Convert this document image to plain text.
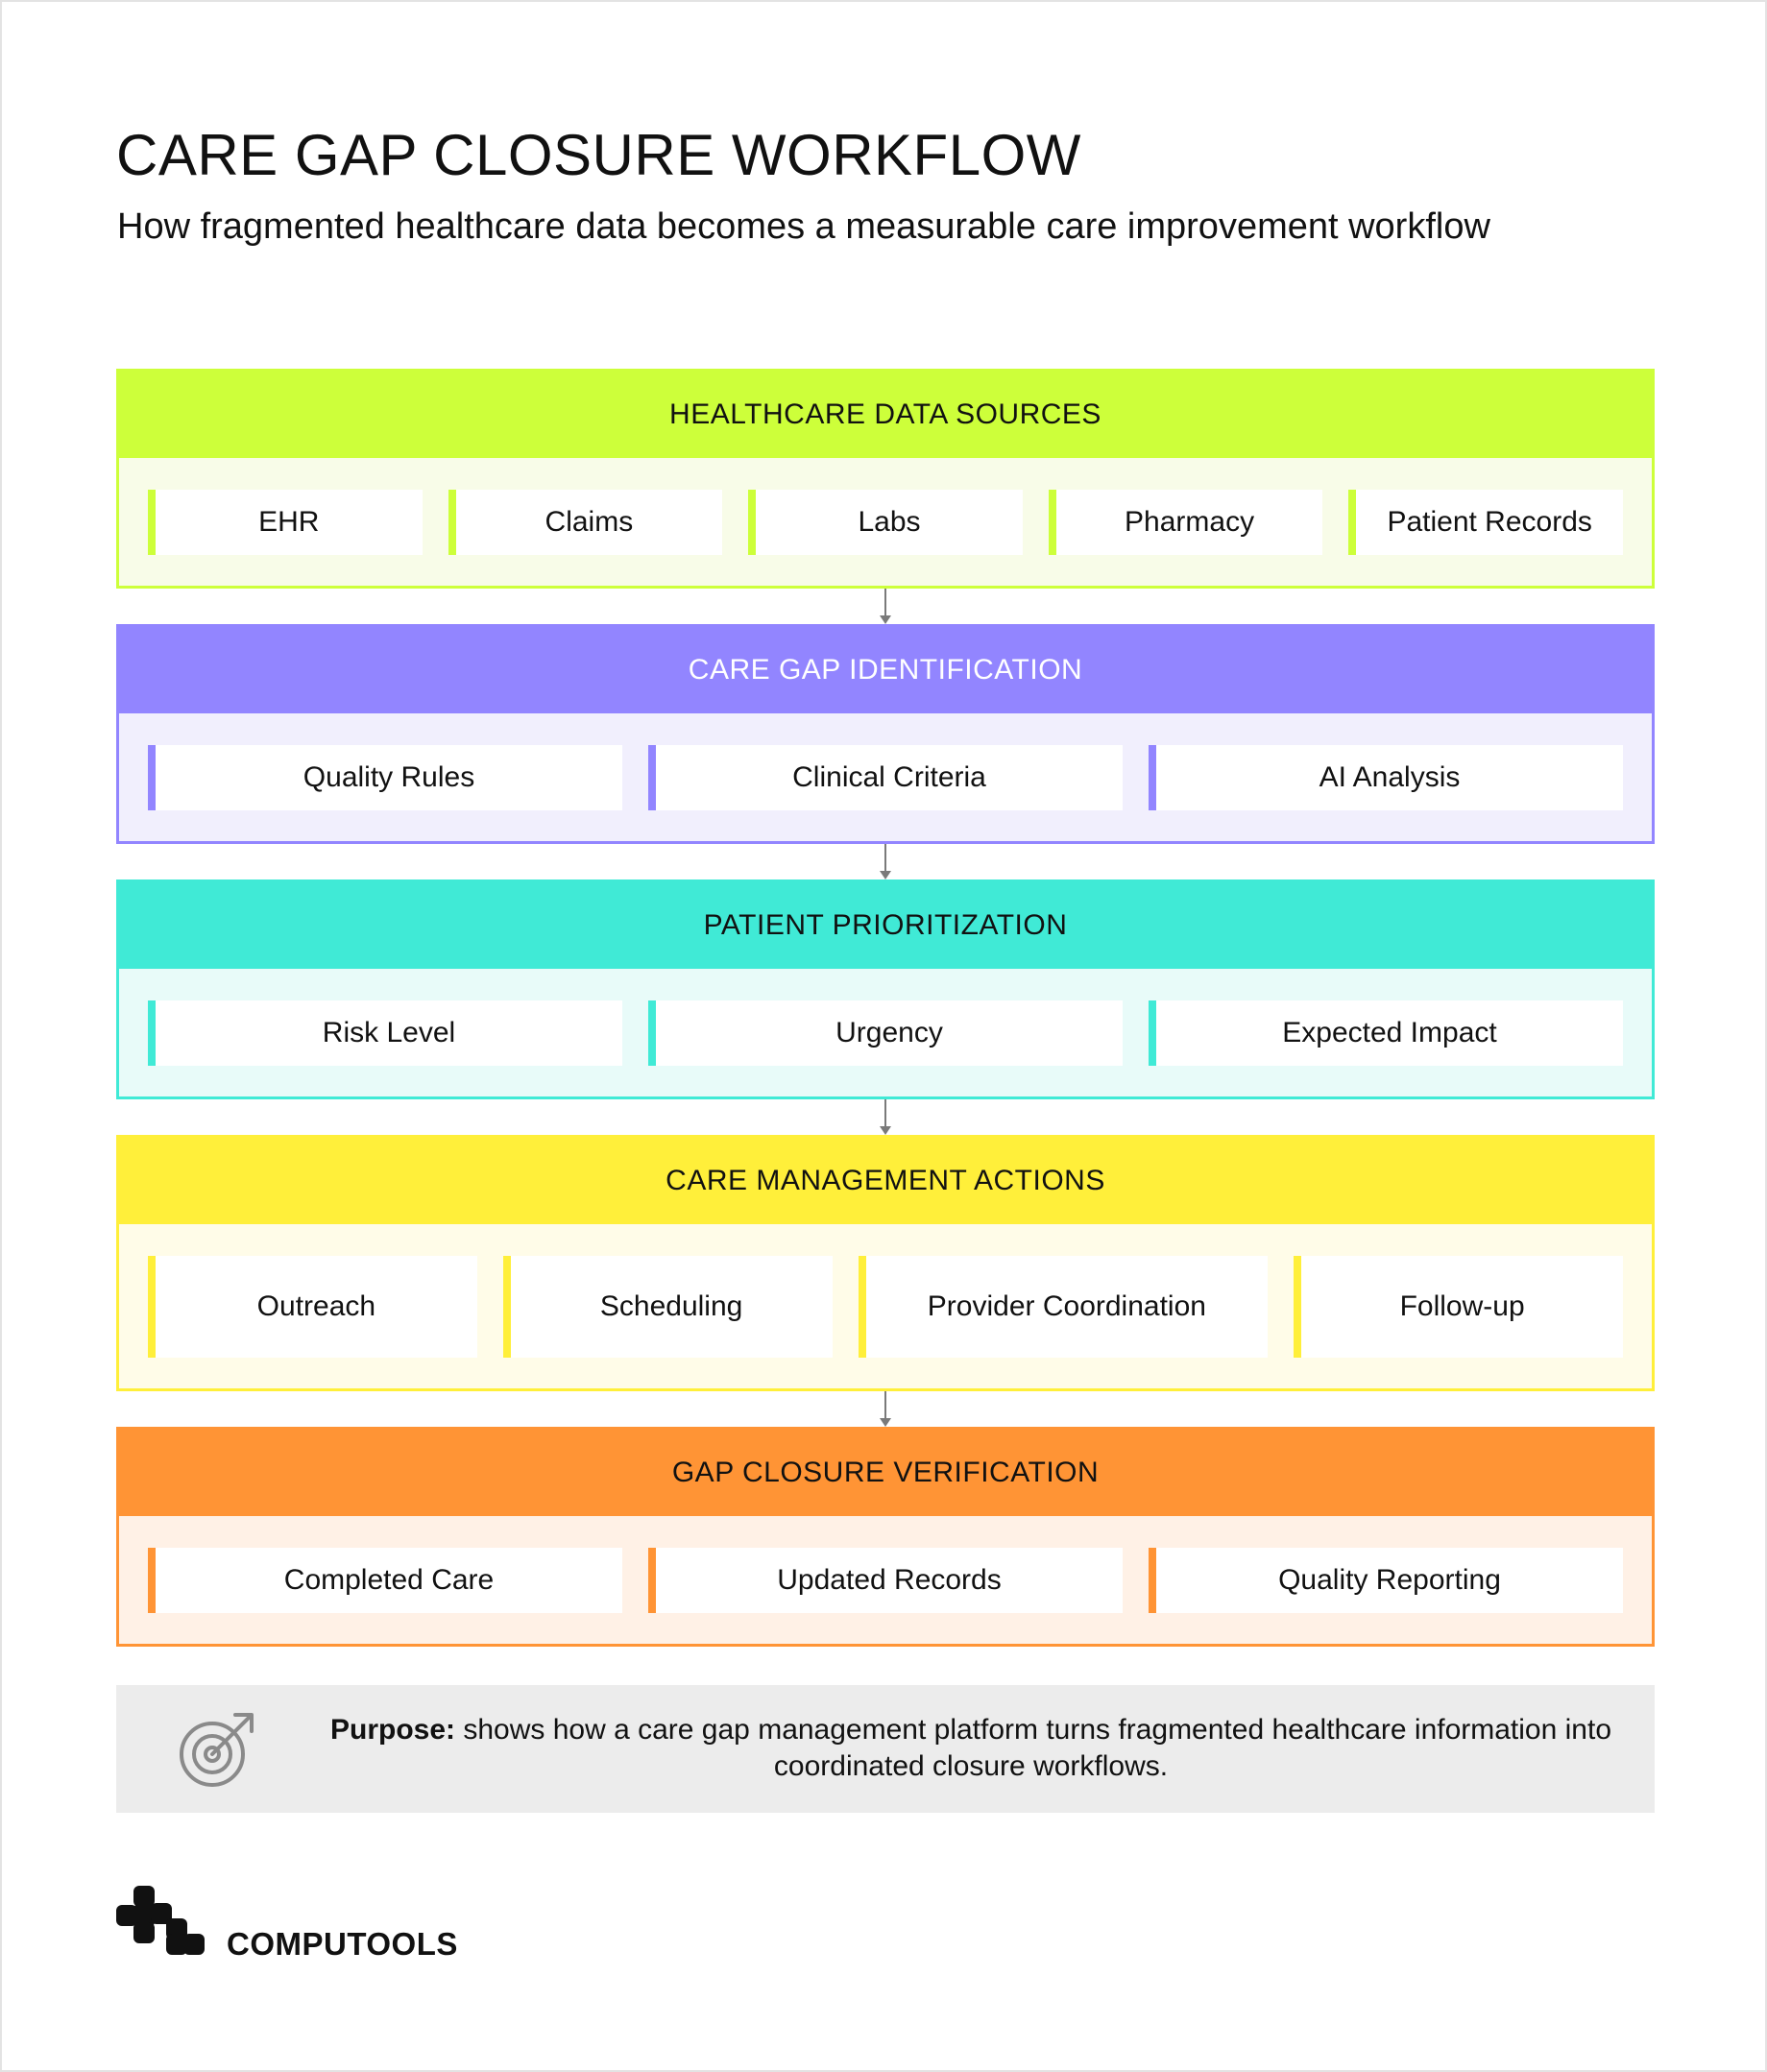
CARE GAP CLOSURE WORKFLOW

How fragmented healthcare data becomes a measurable care improvement workflow

HEALTHCARE DATA SOURCES
EHR	Claims	Labs	Pharmacy	Patient Records
CARE GAP IDENTIFICATION
Quality Rules	Clinical Criteria	AI Analysis
PATIENT PRIORITIZATION
Risk Level	Urgency	Expected Impact
CARE MANAGEMENT ACTIONS
Outreach	Scheduling	Provider Coordination	Follow-up
GAP CLOSURE VERIFICATION
Completed Care	Updated Records	Quality Reporting
Purpose: shows how a care gap management platform turns fragmented healthcare information into coordinated closure workflows.
COMPUTOOLS
